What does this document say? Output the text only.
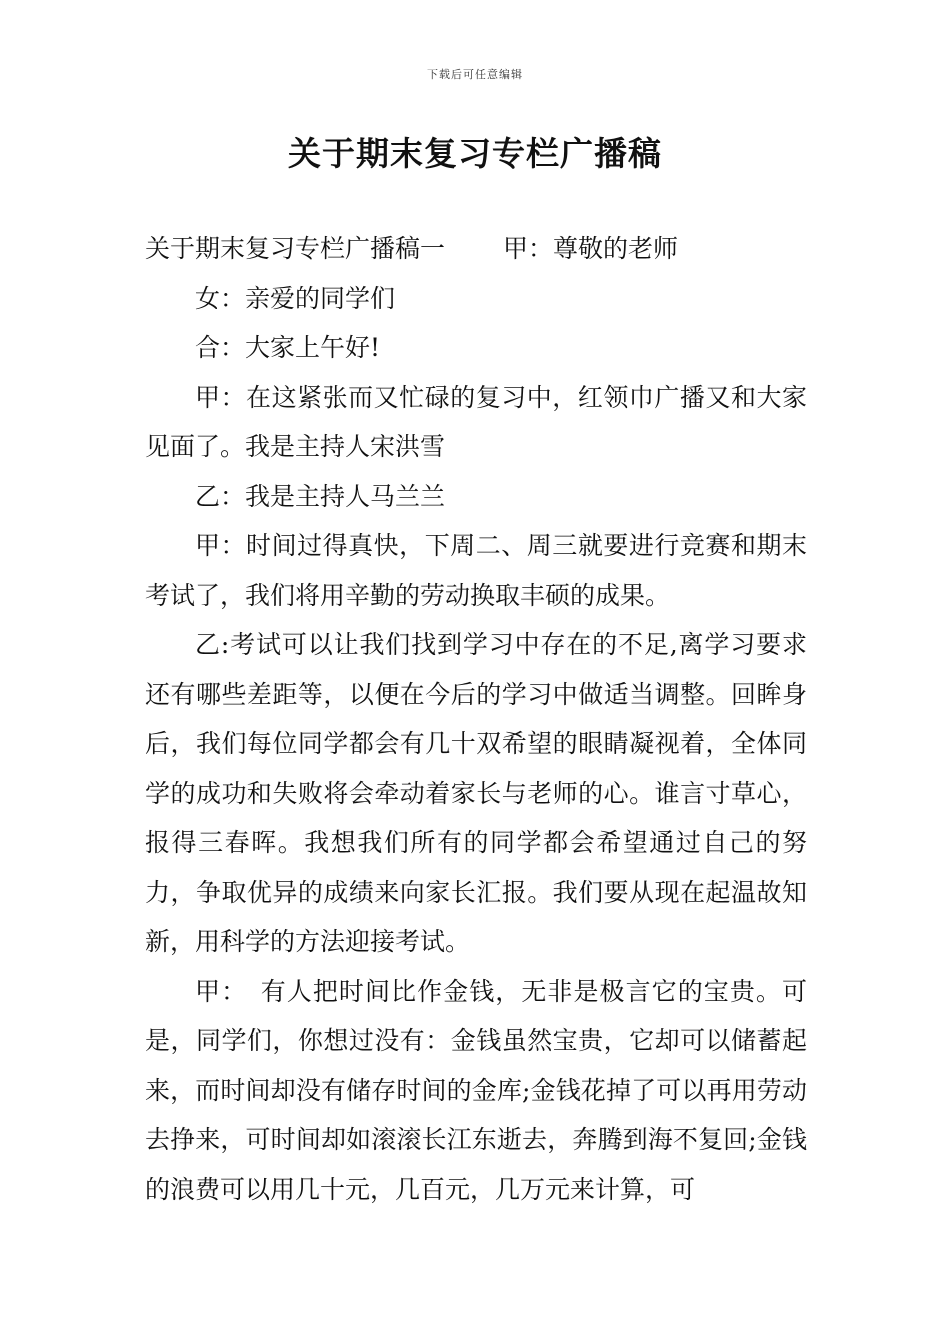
下载后可任意编辑
关于期末复习专栏广播稿

关于期末复习专栏广播稿一 甲：尊敬的老师

女：亲爱的同学们

合：大家上午好!

甲：在这紧张而又忙碌的复习中，红领巾广播又和大家见面了。我是主持人宋洪雪

乙：我是主持人马兰兰

甲：时间过得真快，下周二、周三就要进行竞赛和期末考试了，我们将用辛勤的劳动换取丰硕的成果。

乙:考试可以让我们找到学习中存在的不足,离学习要求还有哪些差距等，以便在今后的学习中做适当调整。回眸身后，我们每位同学都会有几十双希望的眼睛凝视着，全体同学的成功和失败将会牵动着家长与老师的心。谁言寸草心，报得三春晖。我想我们所有的同学都会希望通过自己的努力，争取优异的成绩来向家长汇报。我们要从现在起温故知新，用科学的方法迎接考试。

甲：　有人把时间比作金钱，无非是极言它的宝贵。可是，同学们，你想过没有：金钱虽然宝贵，它却可以储蓄起来，而时间却没有储存时间的金库;金钱花掉了可以再用劳动去挣来，可时间却如滚滚长江东逝去，奔腾到海不复回;金钱的浪费可以用几十元，几百元，几万元来计算，可
